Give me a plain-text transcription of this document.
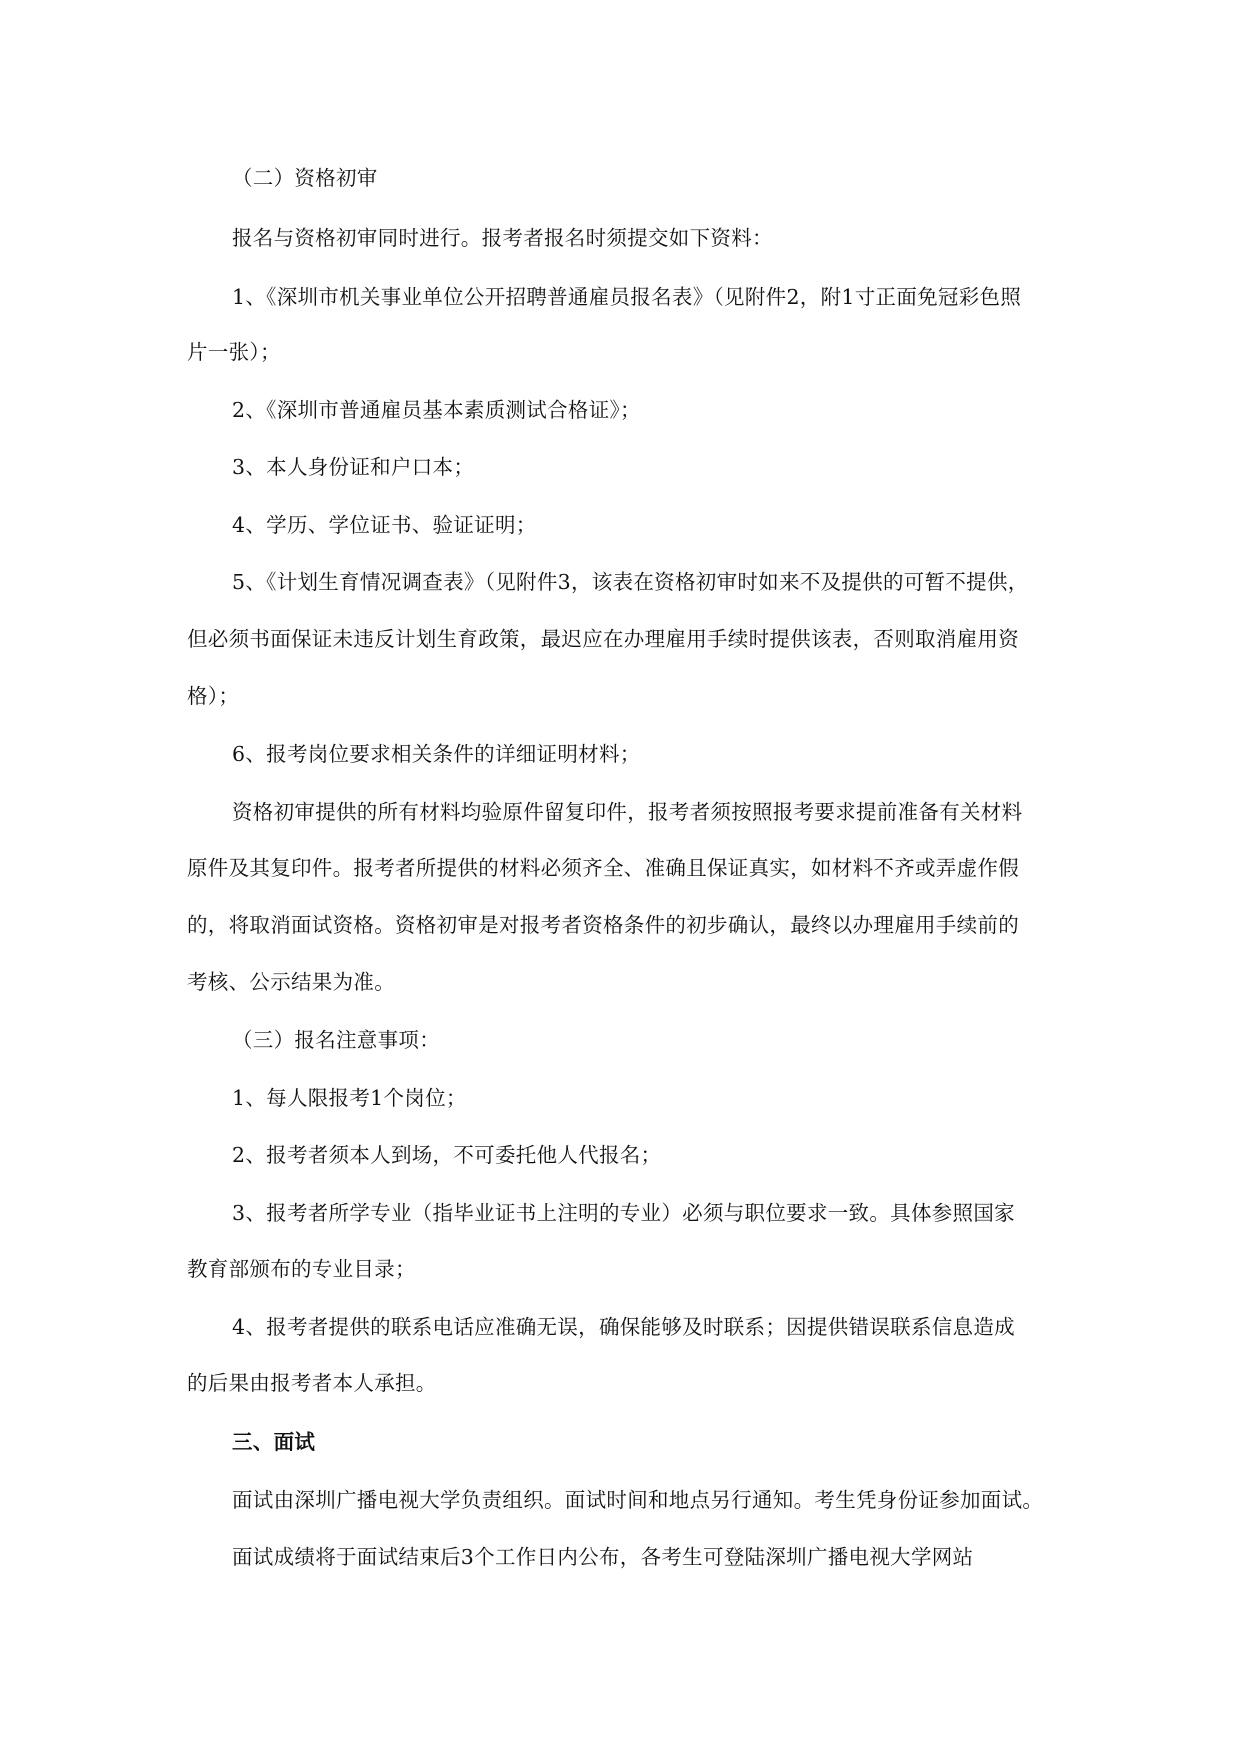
（二）资格初审

报名与资格初审同时进行。报考者报名时须提交如下资料：

1、《深圳市机关事业单位公开招聘普通雇员报名表》（见附件2，附1寸正面免冠彩色照

片一张）；

2、《深圳市普通雇员基本素质测试合格证》；

3、本人身份证和户口本；

4、学历、学位证书、验证证明；

5、《计划生育情况调查表》（见附件3，该表在资格初审时如来不及提供的可暂不提供，

但必须书面保证未违反计划生育政策，最迟应在办理雇用手续时提供该表，否则取消雇用资

格）；

6、报考岗位要求相关条件的详细证明材料；

资格初审提供的所有材料均验原件留复印件，报考者须按照报考要求提前准备有关材料

原件及其复印件。报考者所提供的材料必须齐全、准确且保证真实，如材料不齐或弄虚作假

的，将取消面试资格。资格初审是对报考者资格条件的初步确认，最终以办理雇用手续前的

考核、公示结果为准。

（三）报名注意事项：

1、每人限报考1个岗位；

2、报考者须本人到场，不可委托他人代报名；

3、报考者所学专业（指毕业证书上注明的专业）必须与职位要求一致。具体参照国家

教育部颁布的专业目录；

4、报考者提供的联系电话应准确无误，确保能够及时联系；因提供错误联系信息造成

的后果由报考者本人承担。

三、面试

面试由深圳广播电视大学负责组织。面试时间和地点另行通知。考生凭身份证参加面试。

面试成绩将于面试结束后3个工作日内公布，各考生可登陆深圳广播电视大学网站
